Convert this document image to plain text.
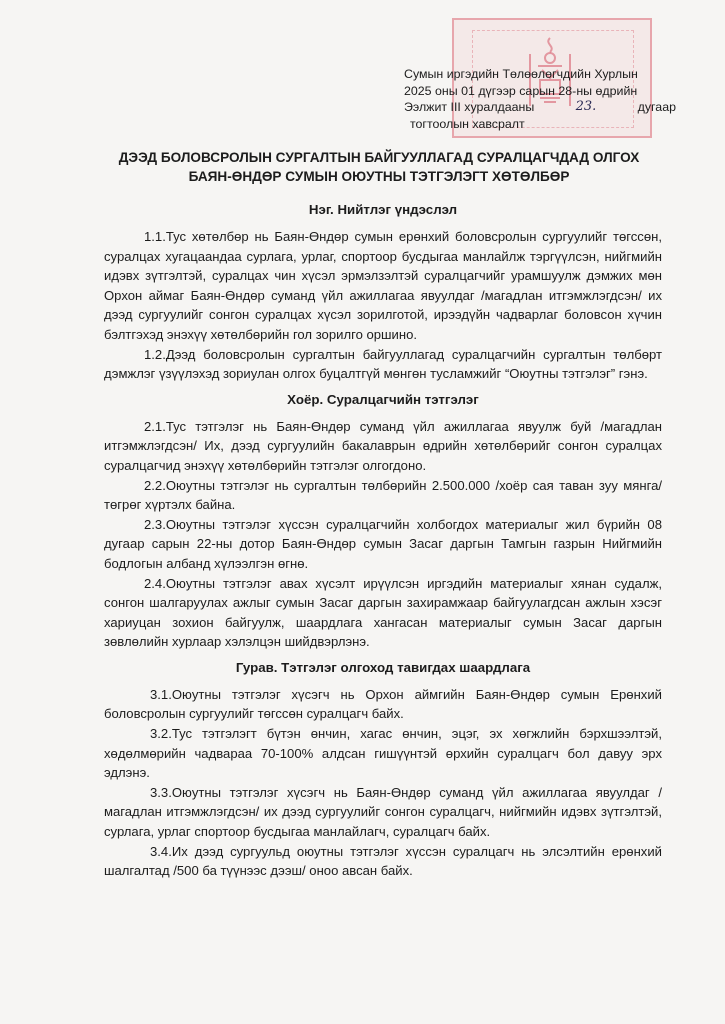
Сумын иргэдийн Төлөөлөгчдийн Хурлын
2025 оны 01 дүгээр сарын 28-ны өдрийн
Ээлжит III хуралдааны	23.	дугаар
тогтоолын хавсралт
ДЭЭД БОЛОВСРОЛЫН СУРГАЛТЫН БАЙГУУЛЛАГАД СУРАЛЦАГЧДАД ОЛГОХ
БАЯН-ӨНДӨР СУМЫН ОЮУТНЫ ТЭТГЭЛЭГТ ХӨТӨЛБӨР
Нэг. Нийтлэг үндэслэл

1.1.Тус хөтөлбөр нь Баян-Өндөр сумын ерөнхий боловсролын сургуулийг төгссөн, суралцах хугацаандаа сурлага, урлаг, спортоор бусдыгаа манлайлж тэргүүлсэн, нийгмийн идэвх зүтгэлтэй, суралцах чин хүсэл эрмэлзэлтэй суралцагчийг урамшуулж дэмжих мөн Орхон аймаг Баян-Өндөр суманд үйл ажиллагаа явуулдаг /магадлан итгэмжлэгдсэн/ их дээд сургуулийг сонгон суралцах хүсэл зорилготой, ирээдүйн чадварлаг боловсон хүчин бэлтгэхэд энэхүү хөтөлбөрийн гол зорилго оршино.

1.2.Дээд боловсролын сургалтын байгууллагад суралцагчийн сургалтын төлбөрт дэмжлэг үзүүлэхэд зориулан олгох буцалтгүй мөнгөн тусламжийг “Оюутны тэтгэлэг” гэнэ.

Хоёр. Суралцагчийн тэтгэлэг

2.1.Тус тэтгэлэг нь Баян-Өндөр суманд үйл ажиллагаа явуулж буй /магадлан итгэмжлэгдсэн/ Их, дээд сургуулийн бакалаврын өдрийн хөтөлбөрийг сонгон суралцах суралцагчид энэхүү хөтөлбөрийн тэтгэлэг олгогдоно.

2.2.Оюутны тэтгэлэг нь сургалтын төлбөрийн 2.500.000 /хоёр сая таван зуу мянга/ төгрөг хүртэлх байна.

2.3.Оюутны тэтгэлэг хүссэн суралцагчийн холбогдох материалыг жил бүрийн 08 дугаар сарын 22-ны дотор Баян-Өндөр сумын Засаг даргын Тамгын газрын Нийгмийн бодлогын албанд хүлээлгэн өгнө.

2.4.Оюутны тэтгэлэг авах хүсэлт ирүүлсэн иргэдийн материалыг хянан судалж, сонгон шалгаруулах ажлыг сумын Засаг даргын захирамжаар байгуулагдсан ажлын хэсэг хариуцан зохион байгуулж, шаардлага хангасан материалыг сумын Засаг даргын зөвлөлийн хурлаар хэлэлцэн шийдвэрлэнэ.

Гурав. Тэтгэлэг олгоход тавигдах шаардлага

3.1.Оюутны тэтгэлэг хүсэгч нь Орхон аймгийн Баян-Өндөр сумын Ерөнхий боловсролын сургуулийг төгссөн суралцагч байх.

3.2.Тус тэтгэлэгт бүтэн өнчин, хагас өнчин, эцэг, эх хөгжлийн бэрхшээлтэй, хөдөлмөрийн чадвараа 70-100% алдсан гишүүнтэй өрхийн суралцагч бол давуу эрх эдлэнэ.

3.3.Оюутны тэтгэлэг хүсэгч нь Баян-Өндөр суманд үйл ажиллагаа явуулдаг /магадлан итгэмжлэгдсэн/ их дээд сургуулийг сонгон суралцагч, нийгмийн идэвх зүтгэлтэй, сурлага, урлаг спортоор бусдыгаа манлайлагч, суралцагч байх.

3.4.Их дээд сургуульд оюутны тэтгэлэг хүссэн суралцагч нь элсэлтийн ерөнхий шалгалтад /500 ба түүнээс дээш/ оноо авсан байх.
